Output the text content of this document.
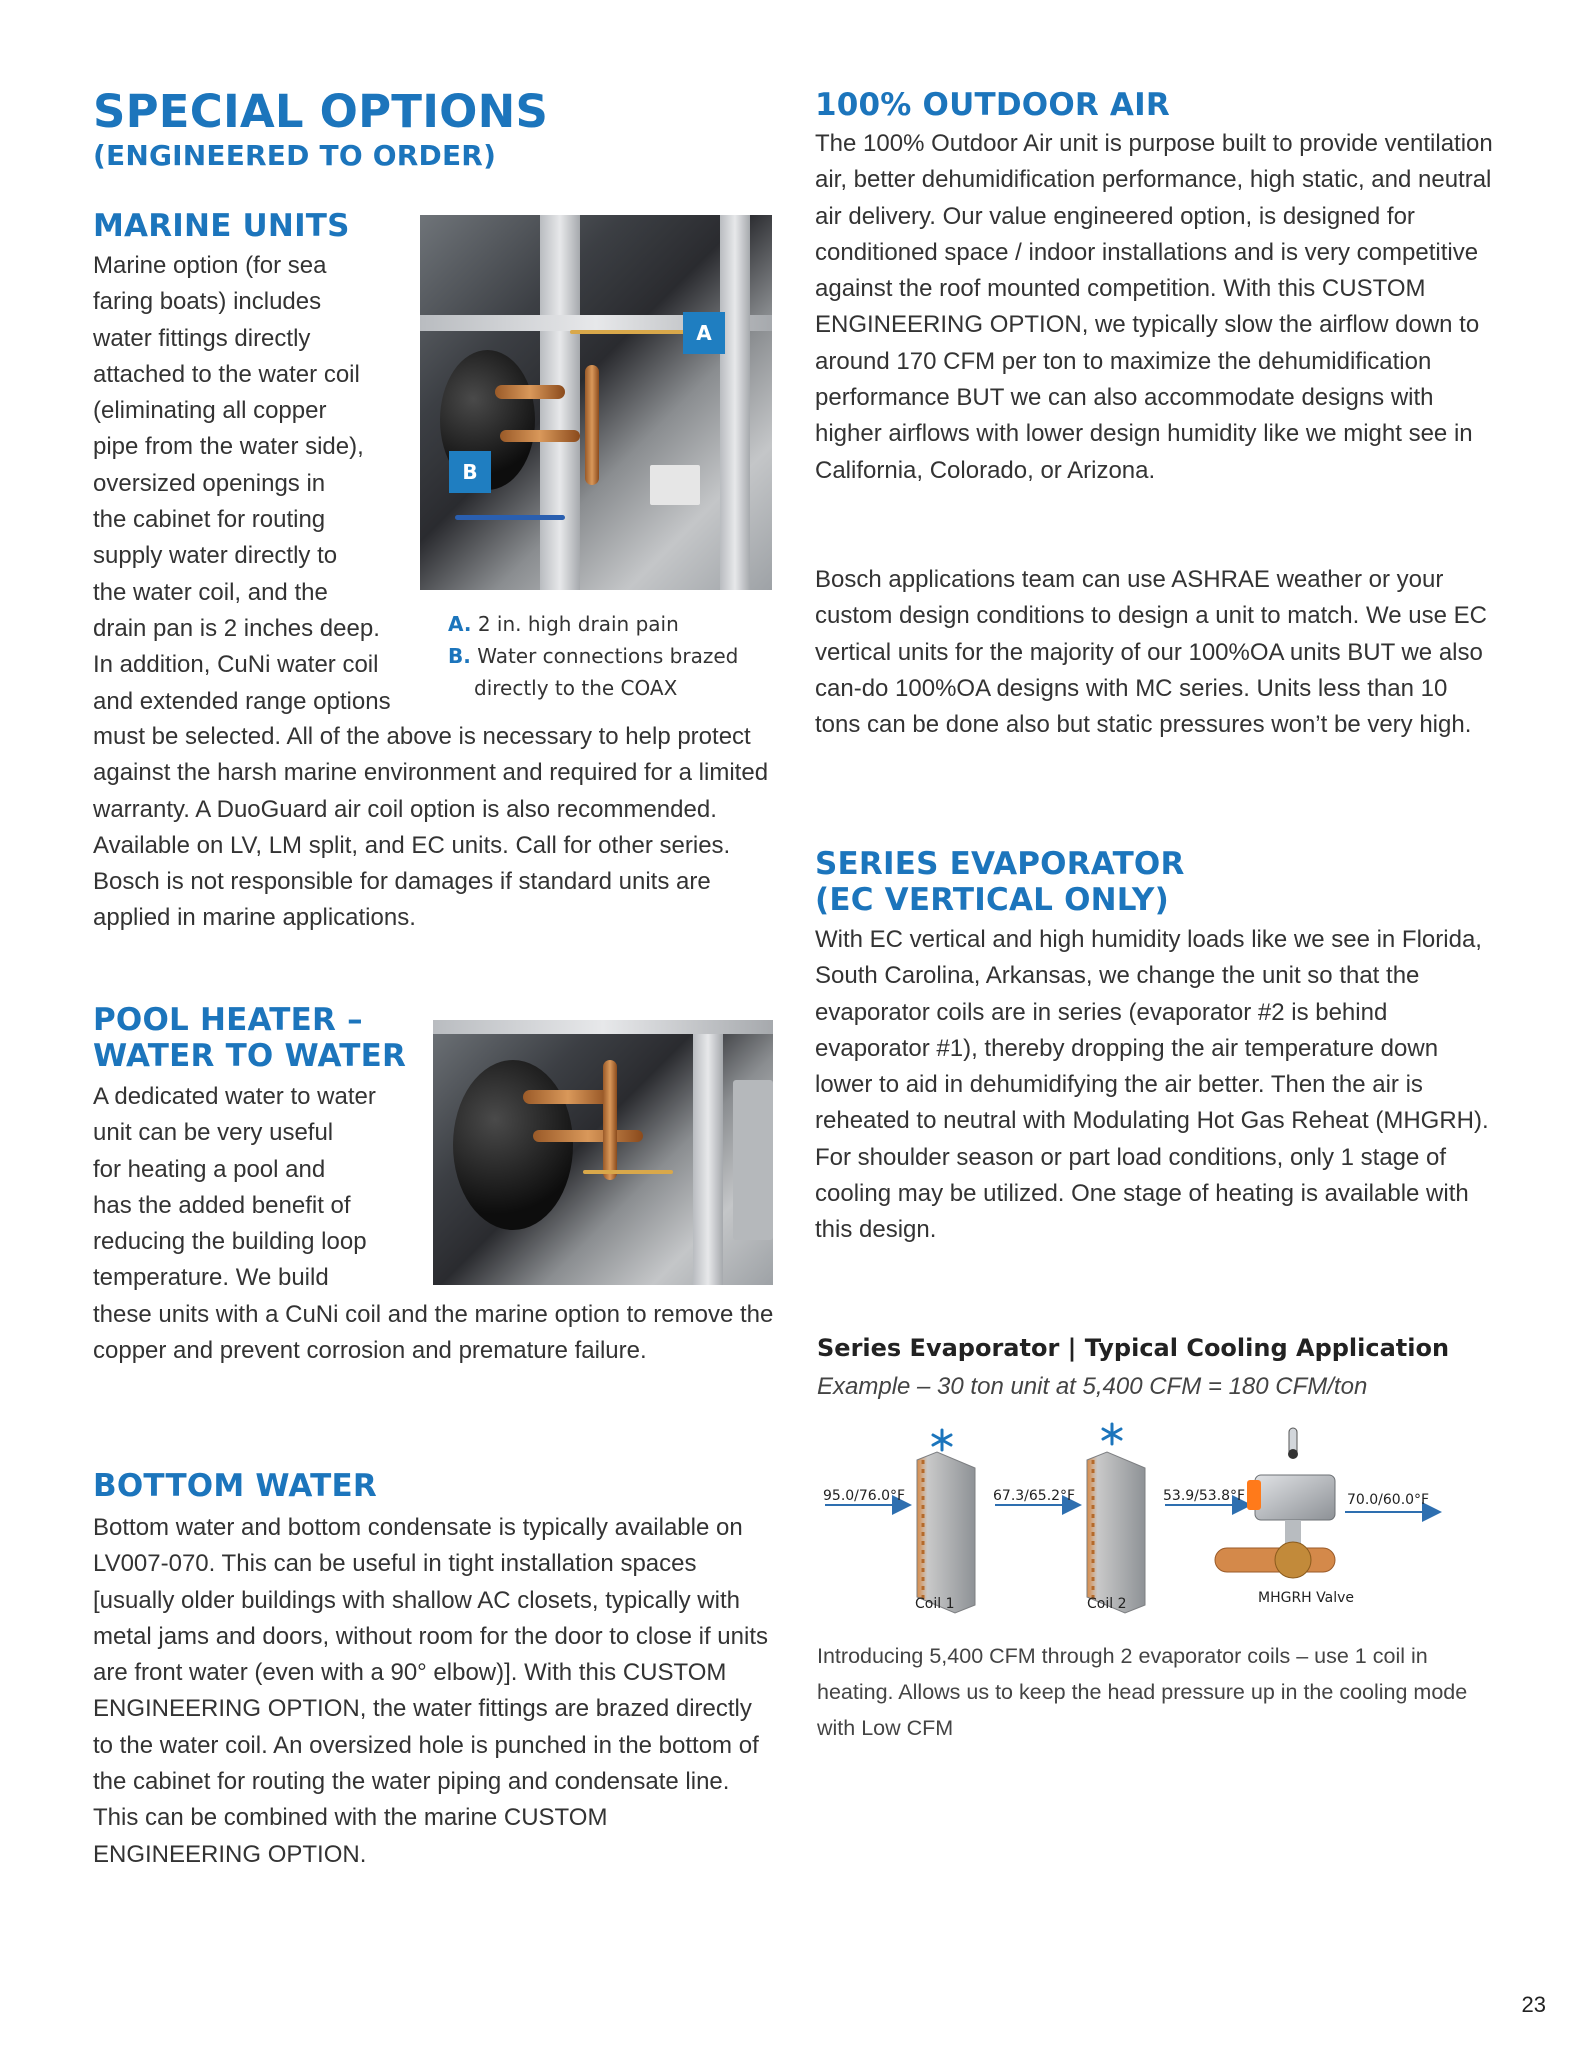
SPECIAL OPTIONS
(ENGINEERED TO ORDER)
MARINE UNITS
Marine option (for sea
faring boats) includes
water fittings directly
attached to the water coil
(eliminating all copper
pipe from the water side),
oversized openings in
the cabinet for routing
supply water directly to
the water coil, and the
drain pan is 2 inches deep.
In addition, CuNi water coil
and extended range options

must be selected. All of the above is necessary to help protect against the harsh marine environment and required for a limited warranty. A DuoGuard air coil option is also recommended. Available on LV, LM split, and EC units. Call for other series. Bosch is not responsible for damages if standard units are applied in marine applications.

A
B
A. 2 in. high drain pain
B. Water connections brazed
directly to the COAX
POOL HEATER –
WATER TO WATER
A dedicated water to water
unit can be very useful
for heating a pool and
has the added benefit of
reducing the building loop
temperature. We build

these units with a CuNi coil and the marine option to remove the copper and prevent corrosion and premature failure.

BOTTOM WATER

Bottom water and bottom condensate is typically available on LV007-070. This can be useful in tight installation spaces [usually older buildings with shallow AC closets, typically with metal jams and doors, without room for the door to close if units are front water (even with a 90° elbow)]. With this CUSTOM ENGINEERING OPTION, the water fittings are brazed directly to the water coil. An oversized hole is punched in the bottom of the cabinet for routing the water piping and condensate line. This can be combined with the marine CUSTOM ENGINEERING OPTION.

100% OUTDOOR AIR

The 100% Outdoor Air unit is purpose built to provide ventilation air, better dehumidification performance, high static, and neutral air delivery. Our value engineered option, is designed for conditioned space / indoor installations and is very competitive against the roof mounted competition. With this CUSTOM ENGINEERING OPTION, we typically slow the airflow down to around 170 CFM per ton to maximize the dehumidification performance BUT we can also accommodate designs with higher airflows with lower design humidity like we might see in California, Colorado, or Arizona.

Bosch applications team can use ASHRAE weather or your custom design conditions to design a unit to match. We use EC vertical units for the majority of our 100%OA units BUT we also can-do 100%OA designs with MC series. Units less than 10 tons can be done also but static pressures won’t be very high.

SERIES EVAPORATOR
(EC VERTICAL ONLY)

With EC vertical and high humidity loads like we see in Florida, South Carolina, Arkansas, we change the unit so that the evaporator coils are in series (evaporator #2 is behind evaporator #1), thereby dropping the air temperature down lower to aid in dehumidifying the air better. Then the air is reheated to neutral with Modulating Hot Gas Reheat (MHGRH). For shoulder season or part load conditions, only 1 stage of cooling may be utilized. One stage of heating is available with this design.

Series Evaporator | Typical Cooling Application
Example – 30 ton unit at 5,400 CFM = 180 CFM/ton
95.0/76.0°F	67.3/65.2°F	53.9/53.8°F	70.0/60.0°F
Coil 1	Coil 2	MHGRH Valve

Introducing 5,400 CFM through 2 evaporator coils – use 1 coil in heating. Allows us to keep the head pressure up in the cooling mode with Low CFM

23
